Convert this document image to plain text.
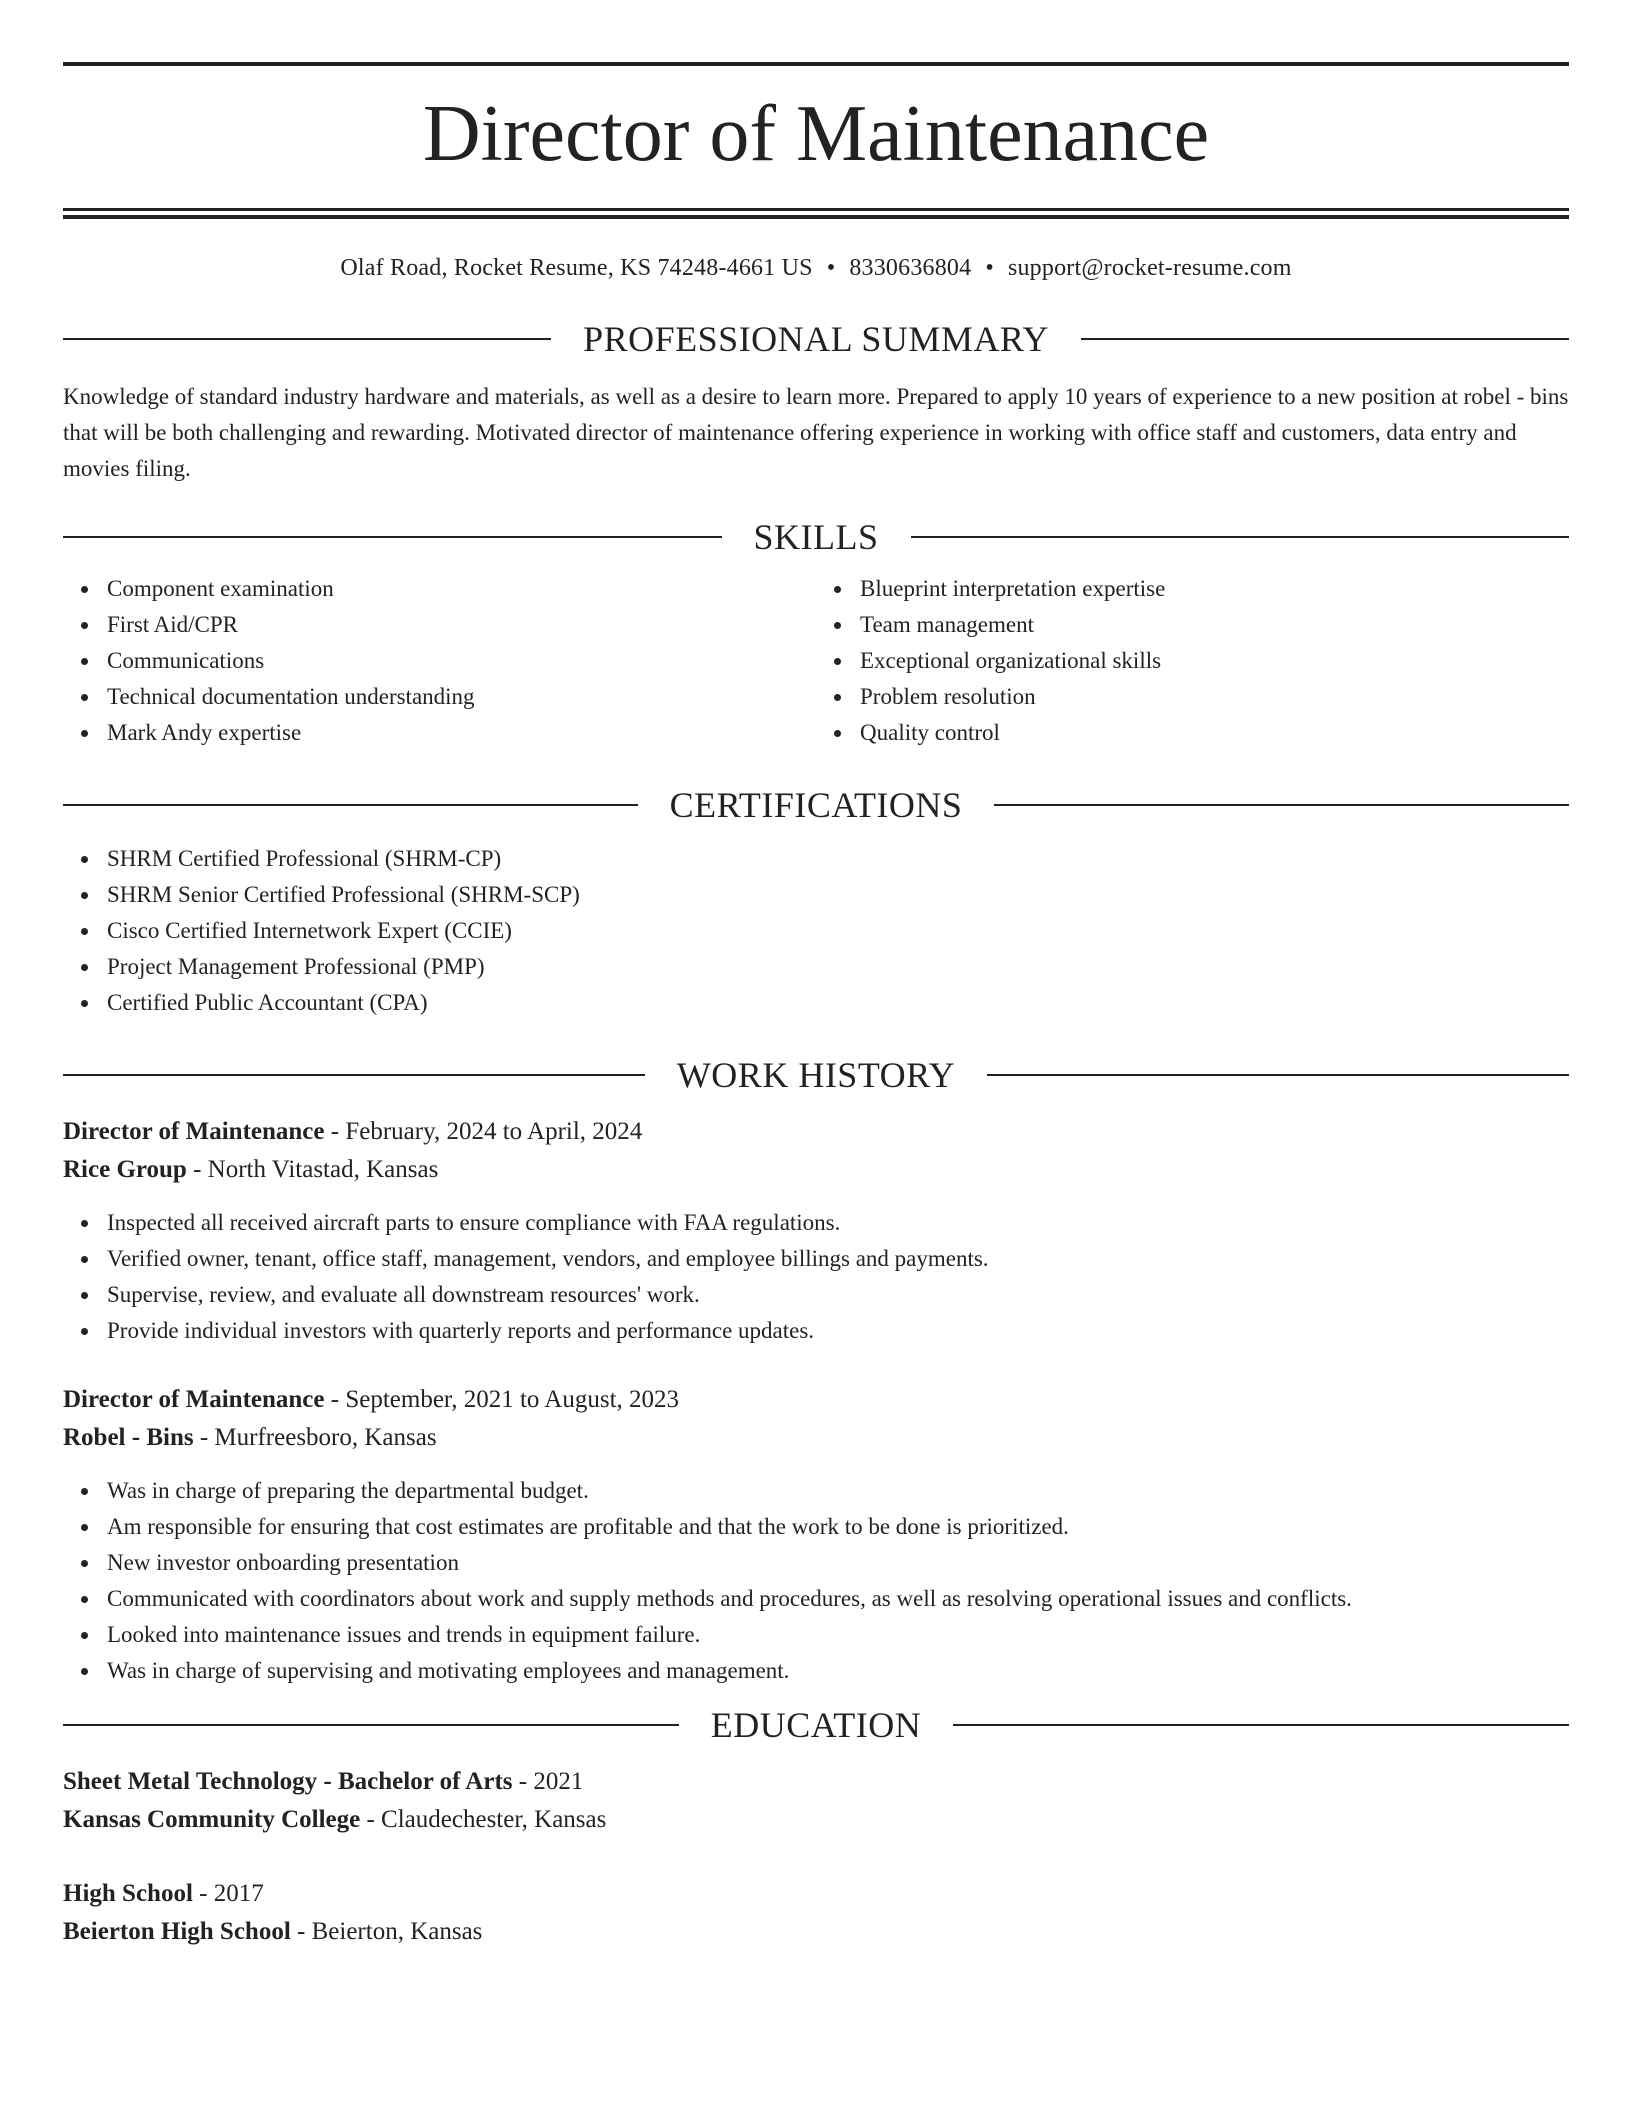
Director of Maintenance
Olaf Road, Rocket Resume, KS 74248-4661 US • 8330636804 • support@rocket-resume.com
PROFESSIONAL SUMMARY

Knowledge of standard industry hardware and materials, as well as a desire to learn more. Prepared to apply 10 years of experience to a new position at robel - bins that will be both challenging and rewarding. Motivated director of maintenance offering experience in working with office staff and customers, data entry and movies filing.

SKILLS
Component examination
First Aid/CPR
Communications
Technical documentation understanding
Mark Andy expertise
Blueprint interpretation expertise
Team management
Exceptional organizational skills
Problem resolution
Quality control
CERTIFICATIONS
SHRM Certified Professional (SHRM-CP)
SHRM Senior Certified Professional (SHRM-SCP)
Cisco Certified Internetwork Expert (CCIE)
Project Management Professional (PMP)
Certified Public Accountant (CPA)
WORK HISTORY
Director of Maintenance - February, 2024 to April, 2024
Rice Group - North Vitastad, Kansas
Inspected all received aircraft parts to ensure compliance with FAA regulations.
Verified owner, tenant, office staff, management, vendors, and employee billings and payments.
Supervise, review, and evaluate all downstream resources' work.
Provide individual investors with quarterly reports and performance updates.
Director of Maintenance - September, 2021 to August, 2023
Robel - Bins - Murfreesboro, Kansas
Was in charge of preparing the departmental budget.
Am responsible for ensuring that cost estimates are profitable and that the work to be done is prioritized.
New investor onboarding presentation
Communicated with coordinators about work and supply methods and procedures, as well as resolving operational issues and conflicts.
Looked into maintenance issues and trends in equipment failure.
Was in charge of supervising and motivating employees and management.
EDUCATION
Sheet Metal Technology - Bachelor of Arts - 2021
Kansas Community College - Claudechester, Kansas
High School - 2017
Beierton High School - Beierton, Kansas
